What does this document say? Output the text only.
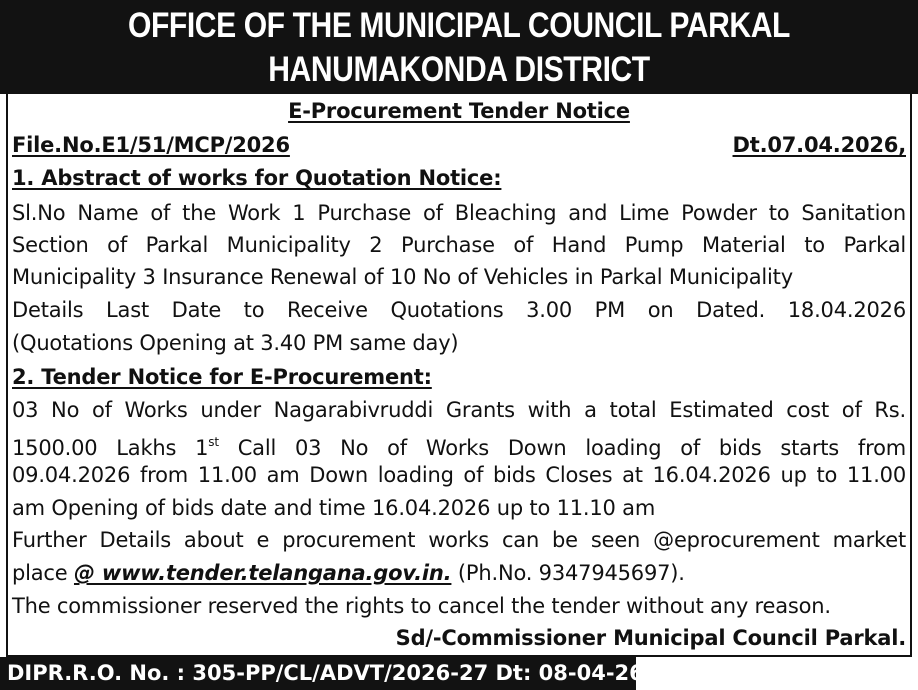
OFFICE OF THE MUNICIPAL COUNCIL PARKAL
HANUMAKONDA DISTRICT
E-Procurement Tender Notice
File.No.E1/51/MCP/2026	Dt.07.04.2026,
1. Abstract of works for Quotation Notice:
Sl.No Name of the Work 1 Purchase of Bleaching and Lime Powder to Sanitation
Section of Parkal Municipality 2 Purchase of Hand Pump Material to Parkal
Municipality 3 Insurance Renewal of 10 No of Vehicles in Parkal Municipality
Details Last Date to Receive Quotations 3.00 PM on Dated. 18.04.2026
(Quotations Opening at 3.40 PM same day)
2. Tender Notice for E-Procurement:
03 No of Works under Nagarabivruddi Grants with a total Estimated cost of Rs.
1500.00 Lakhs 1st Call 03 No of Works Down loading of bids starts from
09.04.2026 from 11.00 am Down loading of bids Closes at 16.04.2026 up to 11.00
am Opening of bids date and time 16.04.2026 up to 11.10 am
Further Details about e procurement works can be seen @eprocurement market
place @ www.tender.telangana.gov.in. (Ph.No. 9347945697).
The commissioner reserved the rights to cancel the tender without any reason.
Sd/-Commissioner Municipal Council Parkal.
DIPR.R.O. No. : 305-PP/CL/ADVT/2026-27 Dt: 08-04-26
